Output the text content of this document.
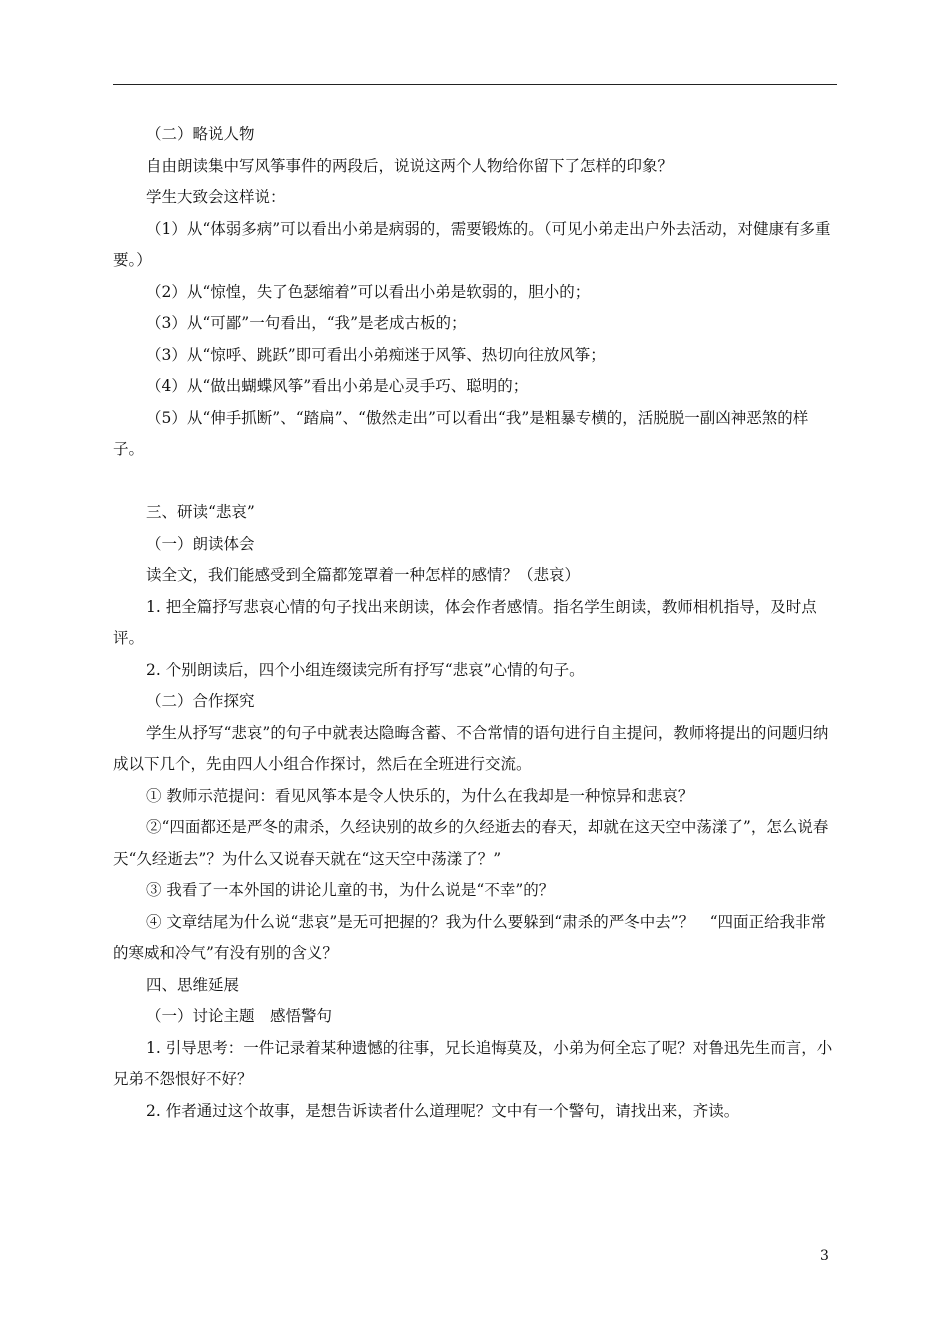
（二）略说人物

自由朗读集中写风筝事件的两段后，说说这两个人物给你留下了怎样的印象？

学生大致会这样说：

（1）从“体弱多病”可以看出小弟是病弱的，需要锻炼的。（可见小弟走出户外去活动，对健康有多重要。）

（2）从“惊惶，失了色瑟缩着”可以看出小弟是软弱的，胆小的；

（3）从“可鄙”一句看出，“我”是老成古板的；

（3）从“惊呼、跳跃”即可看出小弟痴迷于风筝、热切向往放风筝；

（4）从“做出蝴蝶风筝”看出小弟是心灵手巧、聪明的；

（5）从“伸手抓断”、“踏扁”、“傲然走出”可以看出“我”是粗暴专横的，活脱脱一副凶神恶煞的样子。

三、研读“悲哀”

（一）朗读体会

读全文，我们能感受到全篇都笼罩着一种怎样的感情？（悲哀）

1. 把全篇抒写悲哀心情的句子找出来朗读，体会作者感情。指名学生朗读，教师相机指导，及时点评。

2. 个别朗读后，四个小组连缀读完所有抒写“悲哀”心情的句子。

（二）合作探究

学生从抒写“悲哀”的句子中就表达隐晦含蓄、不合常情的语句进行自主提问，教师将提出的问题归纳成以下几个，先由四人小组合作探讨，然后在全班进行交流。

① 教师示范提问：看见风筝本是令人快乐的，为什么在我却是一种惊异和悲哀？

②“四面都还是严冬的肃杀，久经诀别的故乡的久经逝去的春天，却就在这天空中荡漾了”，怎么说春天“久经逝去”？为什么又说春天就在“这天空中荡漾了？”

③ 我看了一本外国的讲论儿童的书，为什么说是“不幸”的？

④ 文章结尾为什么说“悲哀”是无可把握的？我为什么要躲到“肃杀的严冬中去”？　“四面正给我非常的寒威和冷气”有没有别的含义？

四、思维延展

（一）讨论主题　感悟警句

1. 引导思考：一件记录着某种遗憾的往事，兄长追悔莫及，小弟为何全忘了呢？对鲁迅先生而言，小兄弟不怨恨好不好？

2. 作者通过这个故事，是想告诉读者什么道理呢？文中有一个警句，请找出来，齐读。

3
